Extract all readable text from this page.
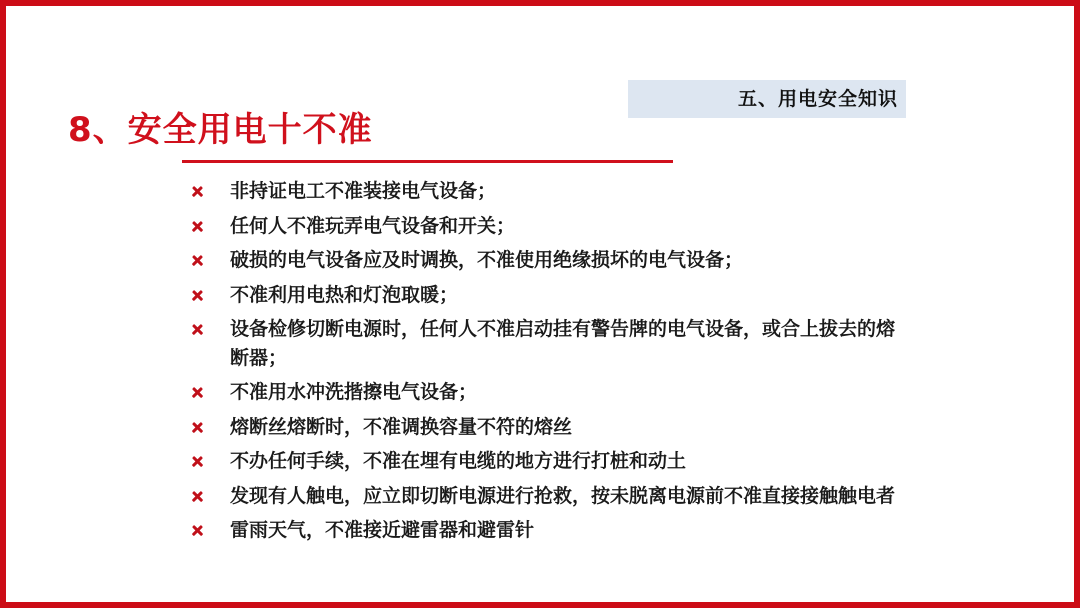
五、用电安全知识
8、安全用电十不准
非持证电工不准装接电气设备；
任何人不准玩弄电气设备和开关；
破损的电气设备应及时调换，不准使用绝缘损坏的电气设备；
不准利用电热和灯泡取暖；
设备检修切断电源时，任何人不准启动挂有警告牌的电气设备，或合上拔去的熔断器；
不准用水冲洗揩擦电气设备；
熔断丝熔断时，不准调换容量不符的熔丝
不办任何手续，不准在埋有电缆的地方进行打桩和动土
发现有人触电，应立即切断电源进行抢救，按未脱离电源前不准直接接触触电者
雷雨天气，不准接近避雷器和避雷针
